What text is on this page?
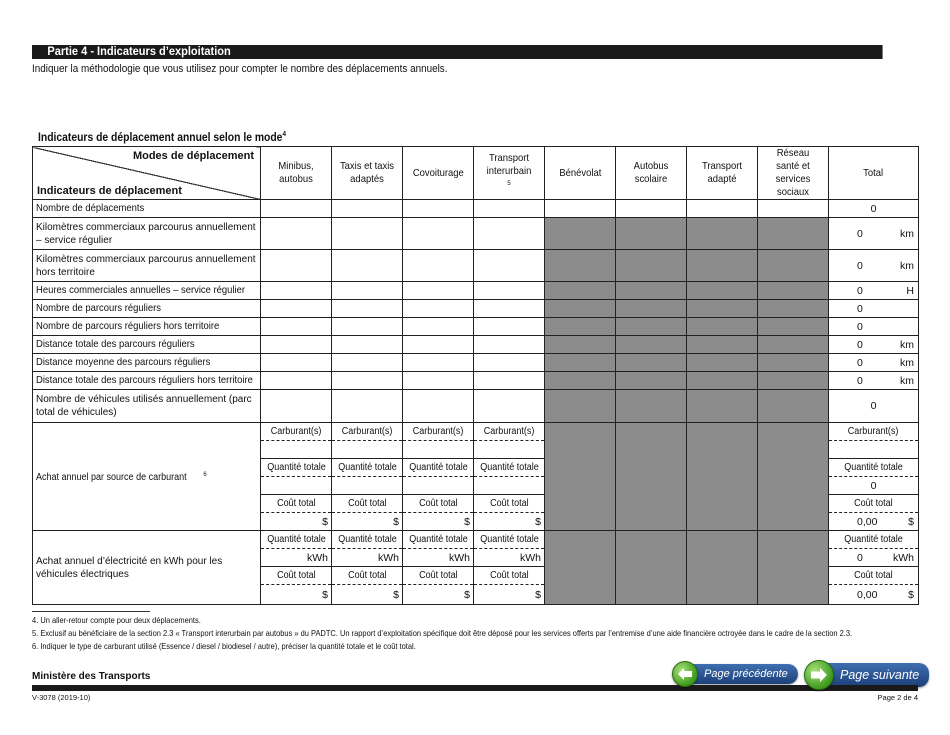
Partie 4 - Indicateurs d’exploitation
Indiquer la méthodologie que vous utilisez pour compter le nombre des déplacements annuels.
Indicateurs de déplacement annuel selon le mode$^4$
Modes de déplacement
Indicateurs de déplacement	Minibus, autobus	Taxis et taxis adaptés	Covoiturage	Transport interurbain$^5$	Bénévolat	Autobus scolaire	Transport adapté	Réseau santé et services sociaux	Total
Nombre de déplacements									0
Kilomètres commerciaux parcourus annuellement – service régulier									0 km

Kilomètres commerciaux parcourus annuellement hors territoire									0 km

Heures commerciales annuelles – service régulier									0 H

Nombre de parcours réguliers									0

Nombre de parcours réguliers hors territoire									0

Distance totale des parcours réguliers									0 km

Distance moyenne des parcours réguliers									0 km

Distance totale des parcours réguliers hors territoire									0 km

Nombre de véhicules utilisés annuellement (parc total de véhicules)									0
Achat annuel par source de carburant $^6$	Carburant(s)	Carburant(s)	Carburant(s)	Carburant(s)					Carburant(s)

	Quantité totale	Quantité totale	Quantité totale	Quantité totale					Quantité totale
									0
	Coût total	Coût total	Coût total	Coût total					Coût total
	$	$	$	$					0,00 $

Achat annuel d’électricité en kWh pour les véhicules électriques	Quantité totale	Quantité totale	Quantité totale	Quantité totale					Quantité totale
	kWh	kWh	kWh	kWh					0 kWh

	Coût total	Coût total	Coût total	Coût total					Coût total
	$	$	$	$					0,00 $
4. Un aller-retour compte pour deux déplacements.
5. Exclusif au bénéficiaire de la section 2.3 « Transport interurbain par autobus » du PADTC. Un rapport d’exploitation spécifique doit être déposé pour les services offerts par l’entremise d’une aide financière octroyée dans le cadre de la section 2.3.
6. Indiquer le type de carburant utilisé (Essence / diesel / biodiesel / autre), préciser la quantité totale et le coût total.
Ministère des Transports	Page précédente	Page suivante
V-3078 (2019-10)	Page 2 de 4
